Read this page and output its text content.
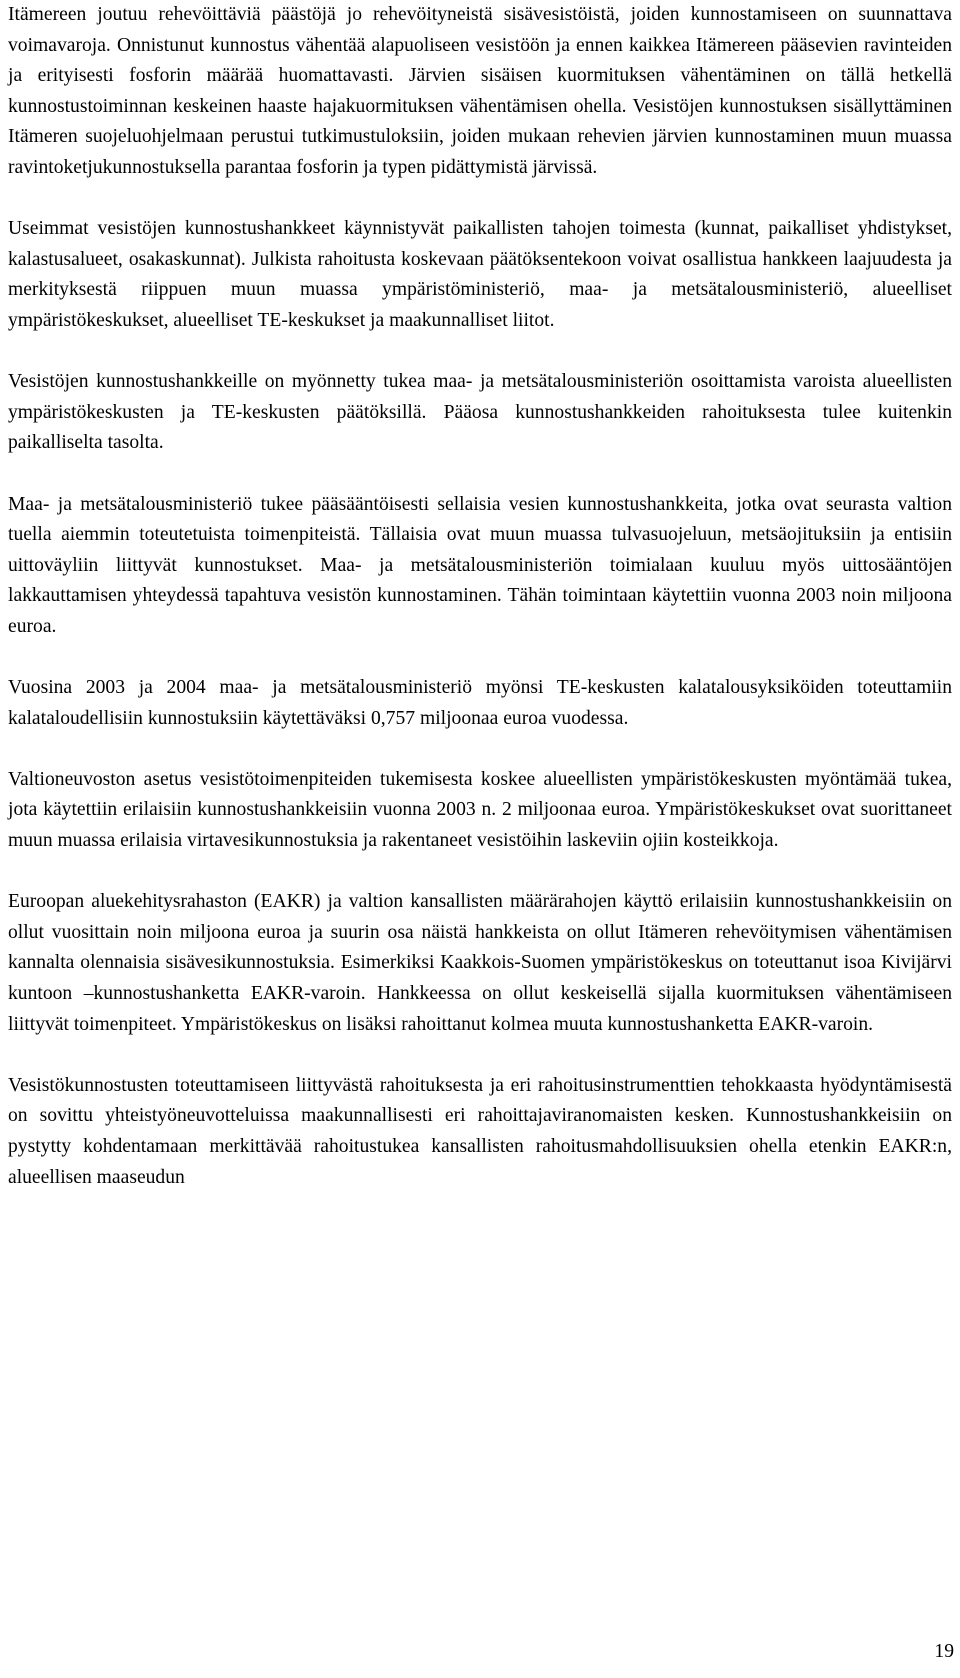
Itämereen joutuu rehevöittäviä päästöjä jo rehevöityneistä sisävesistöistä, joiden kunnostamiseen on suunnattava voimavaroja. Onnistunut kunnostus vähentää alapuoliseen vesistöön ja ennen kaikkea Itämereen pääsevien ravinteiden ja erityisesti fosforin määrää huomattavasti. Järvien sisäisen kuormituksen vähentäminen on tällä hetkellä kunnostustoiminnan keskeinen haaste hajakuormituksen vähentämisen ohella. Vesistöjen kunnostuksen sisällyttäminen Itämeren suojeluohjelmaan perustui tutkimustuloksiin, joiden mukaan rehevien järvien kunnostaminen muun muassa ravintoketjukunnostuksella parantaa fosforin ja typen pidättymistä järvissä.

Useimmat vesistöjen kunnostushankkeet käynnistyvät paikallisten tahojen toimesta (kunnat, paikalliset yhdistykset, kalastusalueet, osakaskunnat). Julkista rahoitusta koskevaan päätöksentekoon voivat osallistua hankkeen laajuudesta ja merkityksestä riippuen muun muassa ympäristöministeriö, maa- ja metsätalousministeriö, alueelliset ympäristökeskukset, alueelliset TE-keskukset ja maakunnalliset liitot.

Vesistöjen kunnostushankkeille on myönnetty tukea maa- ja metsätalousministeriön osoittamista varoista alueellisten ympäristökeskusten ja TE-keskusten päätöksillä. Pääosa kunnostushankkeiden rahoituksesta tulee kuitenkin paikalliselta tasolta.

Maa- ja metsätalousministeriö tukee pääsääntöisesti sellaisia vesien kunnostushankkeita, jotka ovat seurasta valtion tuella aiemmin toteutetuista toimenpiteistä. Tällaisia ovat muun muassa tulvasuojeluun, metsäojituksiin ja entisiin uittoväyliin liittyvät kunnostukset. Maa- ja metsätalousministeriön toimialaan kuuluu myös uittosääntöjen lakkauttamisen yhteydessä tapahtuva vesistön kunnostaminen. Tähän toimintaan käytettiin vuonna 2003 noin miljoona euroa.

Vuosina 2003 ja 2004 maa- ja metsätalousministeriö myönsi TE-keskusten kalatalousyksiköiden toteuttamiin kalataloudellisiin kunnostuksiin käytettäväksi 0,757 miljoonaa euroa vuodessa.

Valtioneuvoston asetus vesistötoimenpiteiden tukemisesta koskee alueellisten ympäristökeskusten myöntämää tukea, jota käytettiin erilaisiin kunnostushankkeisiin vuonna 2003 n. 2 miljoonaa euroa. Ympäristökeskukset ovat suorittaneet muun muassa erilaisia virtavesikunnostuksia ja rakentaneet vesistöihin laskeviin ojiin kosteikkoja.

Euroopan aluekehitysrahaston (EAKR) ja valtion kansallisten määrärahojen käyttö erilaisiin kunnostushankkeisiin on ollut vuosittain noin miljoona euroa ja suurin osa näistä hankkeista on ollut Itämeren rehevöitymisen vähentämisen kannalta olennaisia sisävesikunnostuksia. Esimerkiksi Kaakkois-Suomen ympäristökeskus on toteuttanut isoa Kivijärvi kuntoon –kunnostushanketta EAKR-varoin. Hankkeessa on ollut keskeisellä sijalla kuormituksen vähentämiseen liittyvät toimenpiteet. Ympäristökeskus on lisäksi rahoittanut kolmea muuta kunnostushanketta EAKR-varoin.

Vesistökunnostusten toteuttamiseen liittyvästä rahoituksesta ja eri rahoitusinstrumenttien tehokkaasta hyödyntämisestä on sovittu yhteistyöneuvotteluissa maakunnallisesti eri rahoittajaviranomaisten kesken. Kunnostushankkeisiin on pystytty kohdentamaan merkittävää rahoitustukea kansallisten rahoitusmahdollisuuksien ohella etenkin EAKR:n, alueellisen maaseudun

19
